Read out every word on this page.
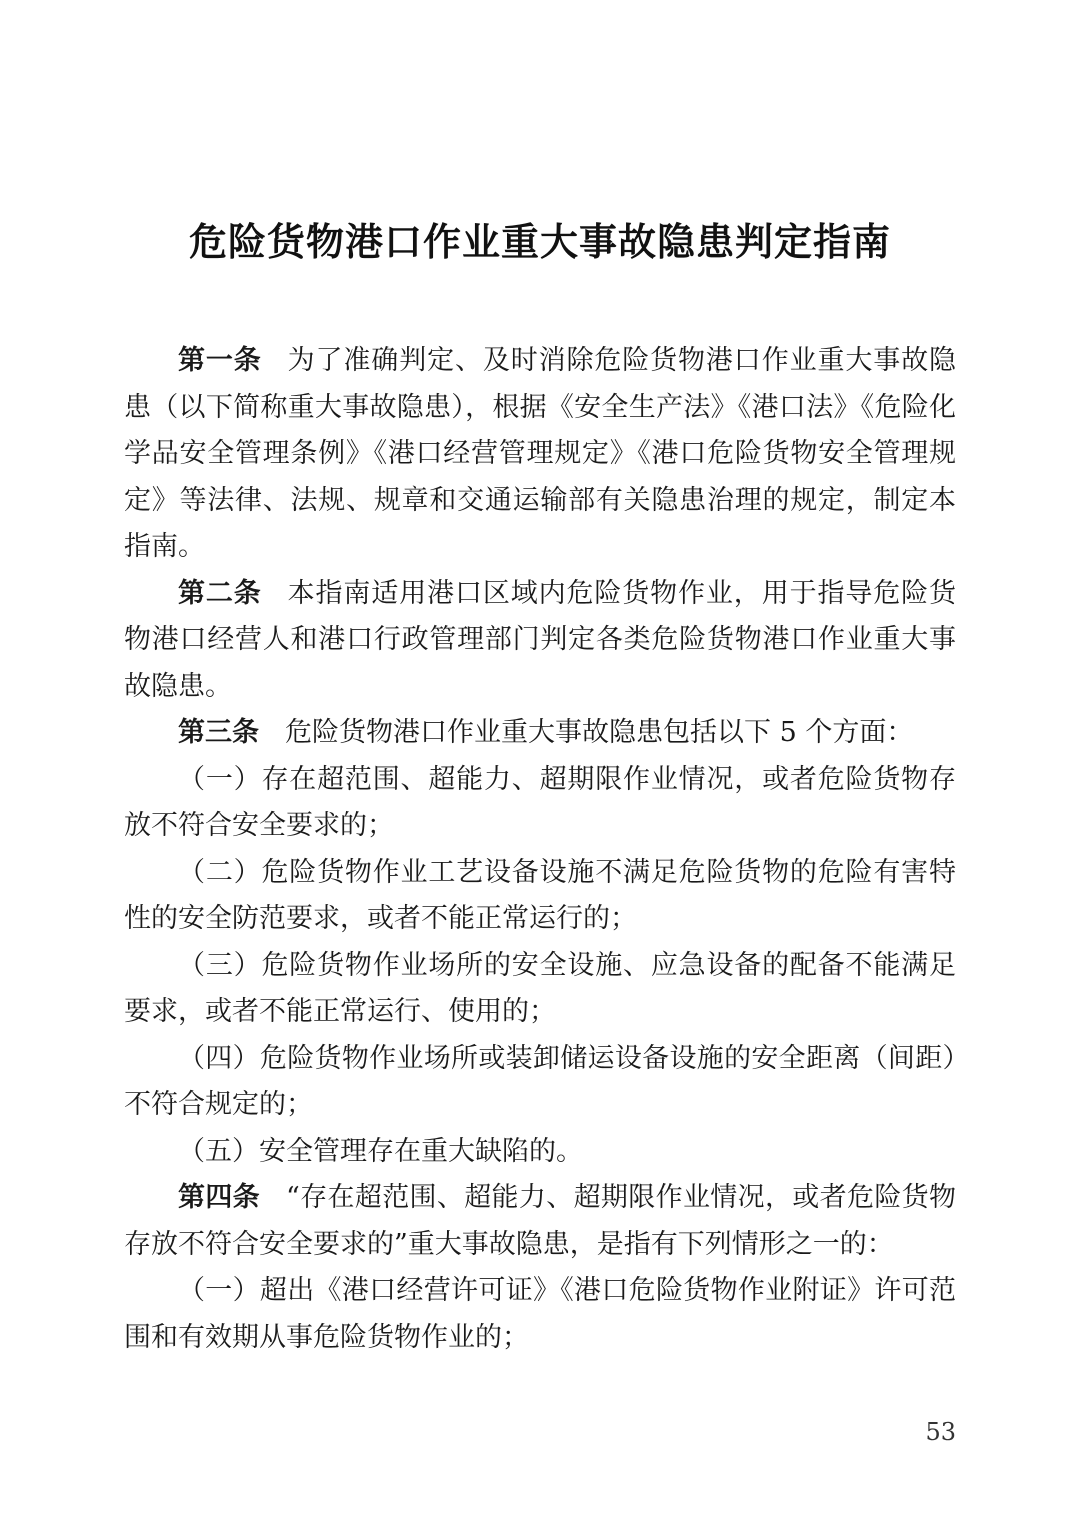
危险货物港口作业重大事故隐患判定指南

第一条 为了准确判定、及时消除危险货物港口作业重大事故隐患（以下简称重大事故隐患），根据《安全生产法》《港口法》《危险化学品安全管理条例》《港口经营管理规定》《港口危险货物安全管理规定》等法律、法规、规章和交通运输部有关隐患治理的规定，制定本指南。

第二条 本指南适用港口区域内危险货物作业，用于指导危险货物港口经营人和港口行政管理部门判定各类危险货物港口作业重大事故隐患。

第三条 危险货物港口作业重大事故隐患包括以下 5 个方面：

（一）存在超范围、超能力、超期限作业情况，或者危险货物存放不符合安全要求的；

（二）危险货物作业工艺设备设施不满足危险货物的危险有害特性的安全防范要求，或者不能正常运行的；

（三）危险货物作业场所的安全设施、应急设备的配备不能满足要求，或者不能正常运行、使用的；

（四）危险货物作业场所或装卸储运设备设施的安全距离（间距）不符合规定的；

（五）安全管理存在重大缺陷的。

第四条 “存在超范围、超能力、超期限作业情况，或者危险货物存放不符合安全要求的”重大事故隐患，是指有下列情形之一的：

（一）超出《港口经营许可证》《港口危险货物作业附证》许可范围和有效期从事危险货物作业的；

53
